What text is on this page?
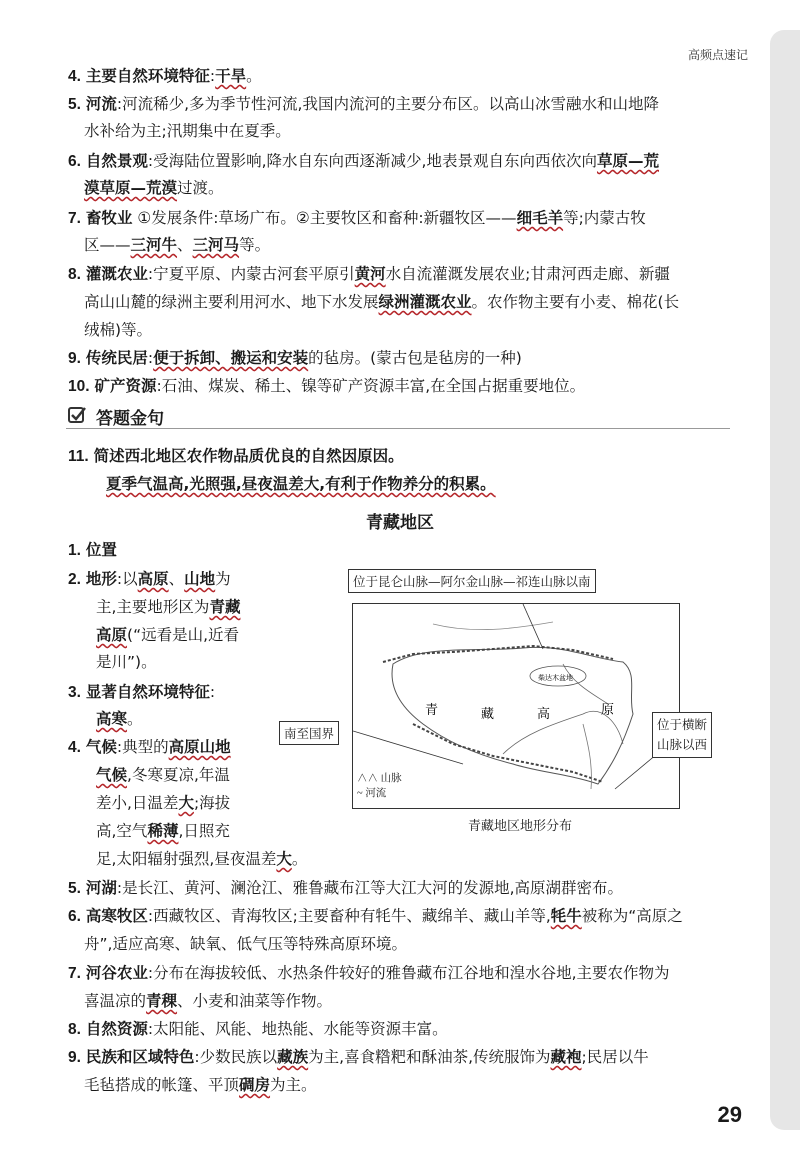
高频点速记
4. 主要自然环境特征:干旱。
5. 河流:河流稀少,多为季节性河流,我国内流河的主要分布区。以高山冰雪融水和山地降
水补给为主;汛期集中在夏季。
6. 自然景观:受海陆位置影响,降水自东向西逐渐减少,地表景观自东向西依次向草原—荒
漠草原—荒漠过渡。
7. 畜牧业 ①发展条件:草场广布。②主要牧区和畜种:新疆牧区——细毛羊等;内蒙古牧
区——三河牛、三河马等。
8. 灌溉农业:宁夏平原、内蒙古河套平原引黄河水自流灌溉发展农业;甘肃河西走廊、新疆
高山山麓的绿洲主要利用河水、地下水发展绿洲灌溉农业。农作物主要有小麦、棉花(长
绒棉)等。
9. 传统民居:便于拆卸、搬运和安装的毡房。(蒙古包是毡房的一种)
10. 矿产资源:石油、煤炭、稀土、镍等矿产资源丰富,在全国占据重要地位。
答题金句
11. 简述西北地区农作物品质优良的自然因原因。
夏季气温高,光照强,昼夜温差大,有利于作物养分的积累。
青藏地区
1. 位置
2. 地形:以高原、山地为
主,主要地形区为青藏
高原(“远看是山,近看
是川”)。
3. 显著自然环境特征:
高寒。
4. 气候:典型的高原山地
气候,冬寒夏凉,年温
差小,日温差大;海拔
高,空气稀薄,日照充
足,太阳辐射强烈,昼夜温差大。
位于昆仑山脉—阿尔金山脉—祁连山脉以南
青	藏	高	原
柴达木盆地
∧∧ 山脉
~ 河流
南至国界
位于横断
山脉以西
青藏地区地形分布
5. 河湖:是长江、黄河、澜沧江、雅鲁藏布江等大江大河的发源地,高原湖群密布。
6. 高寒牧区:西藏牧区、青海牧区;主要畜种有牦牛、藏绵羊、藏山羊等,牦牛被称为“高原之
舟”,适应高寒、缺氧、低气压等特殊高原环境。
7. 河谷农业:分布在海拔较低、水热条件较好的雅鲁藏布江谷地和湟水谷地,主要农作物为
喜温凉的青稞、小麦和油菜等作物。
8. 自然资源:太阳能、风能、地热能、水能等资源丰富。
9. 民族和区域特色:少数民族以藏族为主,喜食糌粑和酥油茶,传统服饰为藏袍;民居以牛
毛毡搭成的帐篷、平顶碉房为主。
29
